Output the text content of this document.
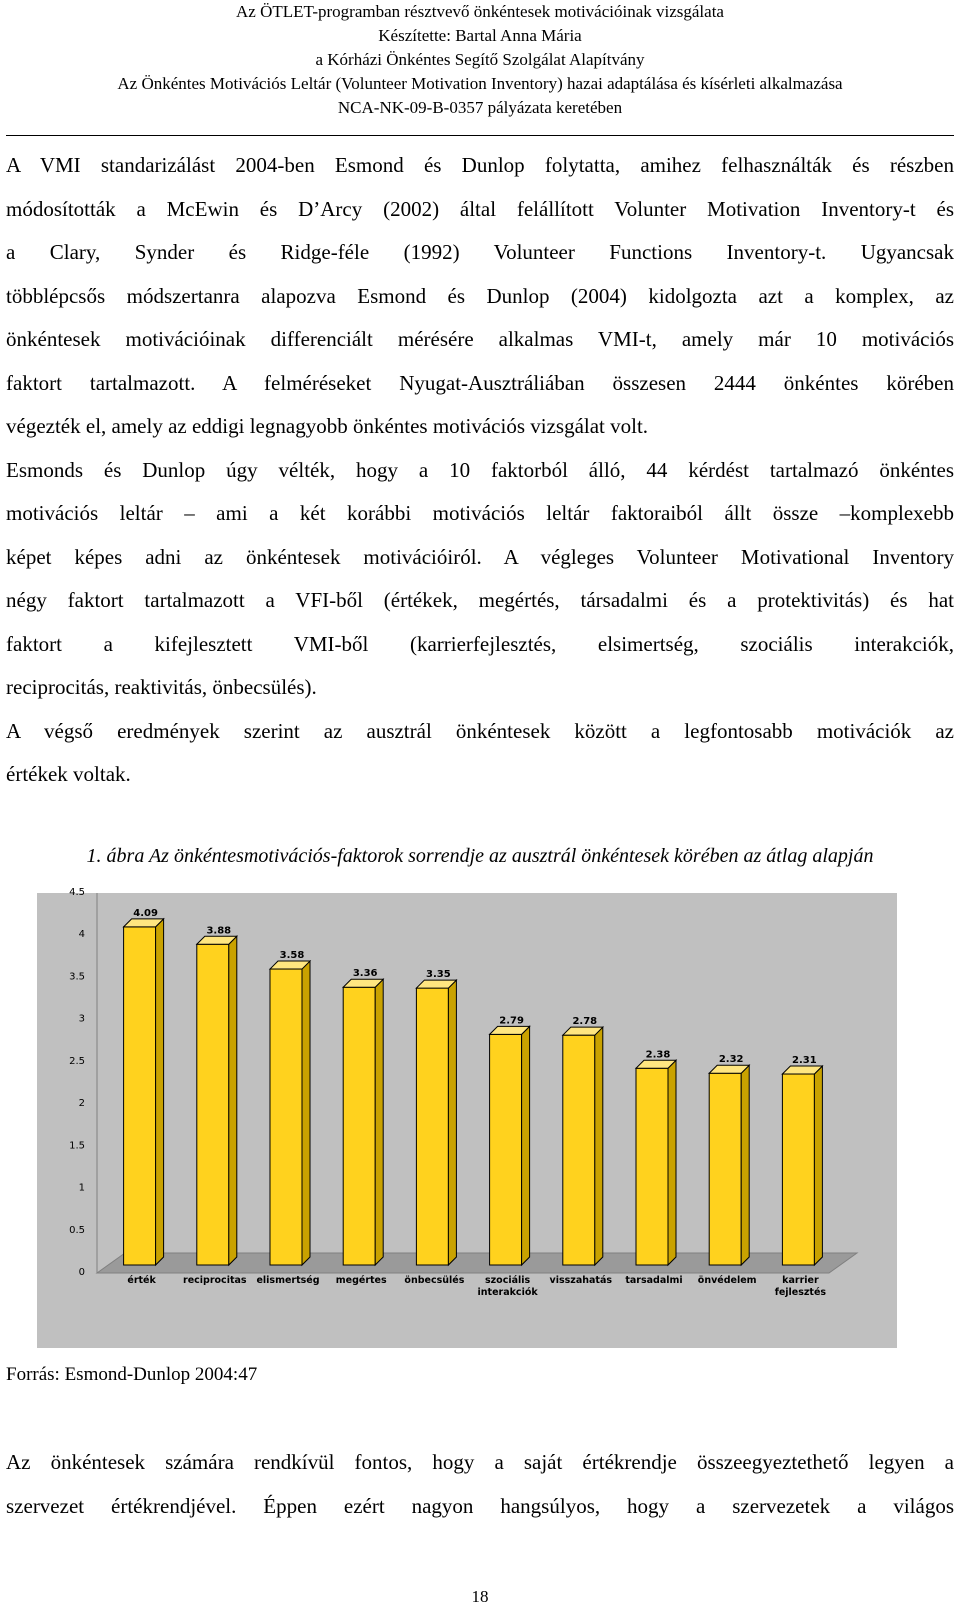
Az ÖTLET-programban résztvevő önkéntesek motivációinak vizsgálata
Készítette: Bartal Anna Mária
a Kórházi Önkéntes Segítő Szolgálat Alapítvány
Az Önkéntes Motivációs Leltár (Volunteer Motivation Inventory) hazai adaptálása és kísérleti alkalmazása
NCA-NK-09-B-0357 pályázata keretében
A VMI standarizálást 2004-ben Esmond és Dunlop folytatta, amihez felhasználták és részben
módosították a McEwin és D’Arcy (2002) által felállított Volunter Motivation Inventory-t és
a Clary, Synder és Ridge-féle (1992) Volunteer Functions Inventory-t. Ugyancsak
többlépcsős módszertanra alapozva Esmond és Dunlop (2004) kidolgozta azt a komplex, az
önkéntesek motivációinak differenciált mérésére alkalmas VMI-t, amely már 10 motivációs
faktort tartalmazott. A felméréseket Nyugat-Ausztráliában összesen 2444 önkéntes körében
végezték el, amely az eddigi legnagyobb önkéntes motivációs vizsgálat volt.
Esmonds és Dunlop úgy vélték, hogy a 10 faktorból álló, 44 kérdést tartalmazó önkéntes
motivációs leltár – ami a két korábbi motivációs leltár faktoraiból állt össze –komplexebb
képet képes adni az önkéntesek motivációiról. A végleges Volunteer Motivational Inventory
négy faktort tartalmazott a VFI-ből (értékek, megértés, társadalmi és a protektivitás) és hat
faktort a kifejlesztett VMI-ből (karrierfejlesztés, elsimertség, szociális interakciók,
reciprocitás, reaktivitás, önbecsülés).
A végső eredmények szerint az ausztrál önkéntesek között a legfontosabb motivációk az
értékek voltak.
1. ábra Az önkéntesmotivációs-faktorok sorrendje az ausztrál önkéntesek körében az átlag alapján
0
0.5
1
1.5
2
2.5
3
3.5
4
4.5
4.09
érték
3.88
reciprocitas
3.58
elismertség
3.36
megértes
3.35
önbecsülés
2.79
szociális
interakciók
2.78
visszahatás
2.38
tarsadalmi
2.32
önvédelem
2.31
karrier
fejlesztés
Forrás: Esmond-Dunlop 2004:47
Az önkéntesek számára rendkívül fontos, hogy a saját értékrendje összeegyeztethető legyen a
szervezet értékrendjével. Éppen ezért nagyon hangsúlyos, hogy a szervezetek a világos
18
